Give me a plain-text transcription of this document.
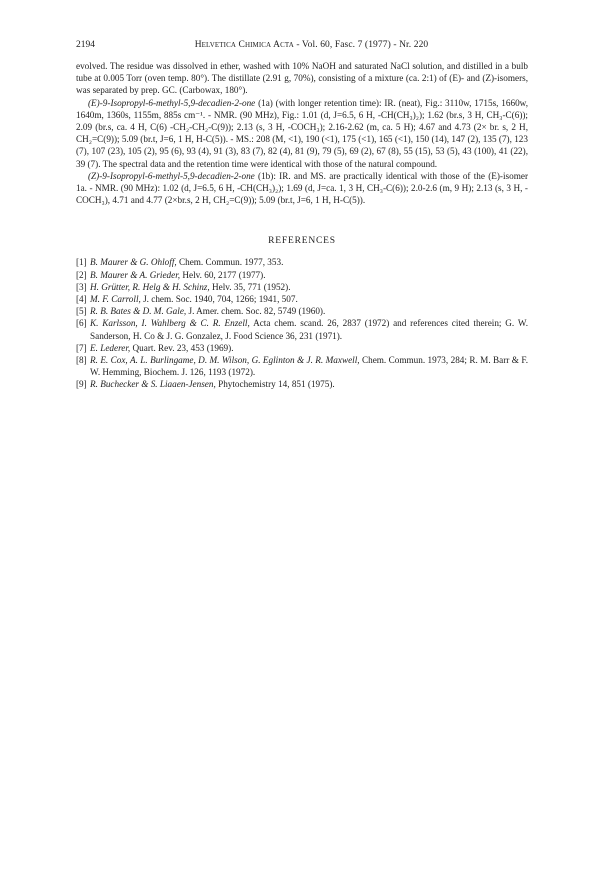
2194	Helvetica Chimica Acta - Vol. 60, Fasc. 7 (1977) - Nr. 220

evolved. The residue was dissolved in ether, washed with 10% NaOH and saturated NaCl solution, and distilled in a bulb tube at 0.005 Torr (oven temp. 80°). The distillate (2.91 g, 70%), consisting of a mixture (ca. 2:1) of (E)- and (Z)-isomers, was separated by prep. GC. (Carbowax, 180°).

(E)-9-Isopropyl-6-methyl-5,9-decadien-2-one (1a) (with longer retention time): IR. (neat), Fig.: 3110w, 1715s, 1660w, 1640m, 1360s, 1155m, 885s cm⁻¹. - NMR. (90 MHz), Fig.: 1.01 (d, J=6.5, 6 H, -CH(CH₃)₂); 1.62 (br.s, 3 H, CH₃-C(6)); 2.09 (br.s, ca. 4 H, C(6) -CH₂-CH₂-C(9)); 2.13 (s, 3 H, -COCH₃); 2.16-2.62 (m, ca. 5 H); 4.67 and 4.73 (2× br. s, 2 H, CH₂=C(9)); 5.09 (br.t, J=6, 1 H, H-C(5)). - MS.: 208 (M, <1), 190 (<1), 175 (<1), 165 (<1), 150 (14), 147 (2), 135 (7), 123 (7), 107 (23), 105 (2), 95 (6), 93 (4), 91 (3), 83 (7), 82 (4), 81 (9), 79 (5), 69 (2), 67 (8), 55 (15), 53 (5), 43 (100), 41 (22), 39 (7). The spectral data and the retention time were identical with those of the natural compound.

(Z)-9-Isopropyl-6-methyl-5,9-decadien-2-one (1b): IR. and MS. are practically identical with those of the (E)-isomer 1a. - NMR. (90 MHz): 1.02 (d, J=6.5, 6 H, -CH(CH₃)₂); 1.69 (d, J=ca. 1, 3 H, CH₃-C(6)); 2.0-2.6 (m, 9 H); 2.13 (s, 3 H, -COCH₃), 4.71 and 4.77 (2×br.s, 2 H, CH₂=C(9)); 5.09 (br.t, J=6, 1 H, H-C(5)).

REFERENCES
[1] B. Maurer & G. Ohloff, Chem. Commun. 1977, 353.
[2] B. Maurer & A. Grieder, Helv. 60, 2177 (1977).
[3] H. Grütter, R. Helg & H. Schinz, Helv. 35, 771 (1952).
[4] M. F. Carroll, J. chem. Soc. 1940, 704, 1266; 1941, 507.
[5] R. B. Bates & D. M. Gale, J. Amer. chem. Soc. 82, 5749 (1960).
[6] K. Karlsson, I. Wahlberg & C. R. Enzell, Acta chem. scand. 26, 2837 (1972) and references cited therein; G. W. Sanderson, H. Co & J. G. Gonzalez, J. Food Science 36, 231 (1971).
[7] E. Lederer, Quart. Rev. 23, 453 (1969).
[8] R. E. Cox, A. L. Burlingame, D. M. Wilson, G. Eglinton & J. R. Maxwell, Chem. Commun. 1973, 284; R. M. Barr & F. W. Hemming, Biochem. J. 126, 1193 (1972).
[9] R. Buchecker & S. Liaaen-Jensen, Phytochemistry 14, 851 (1975).
